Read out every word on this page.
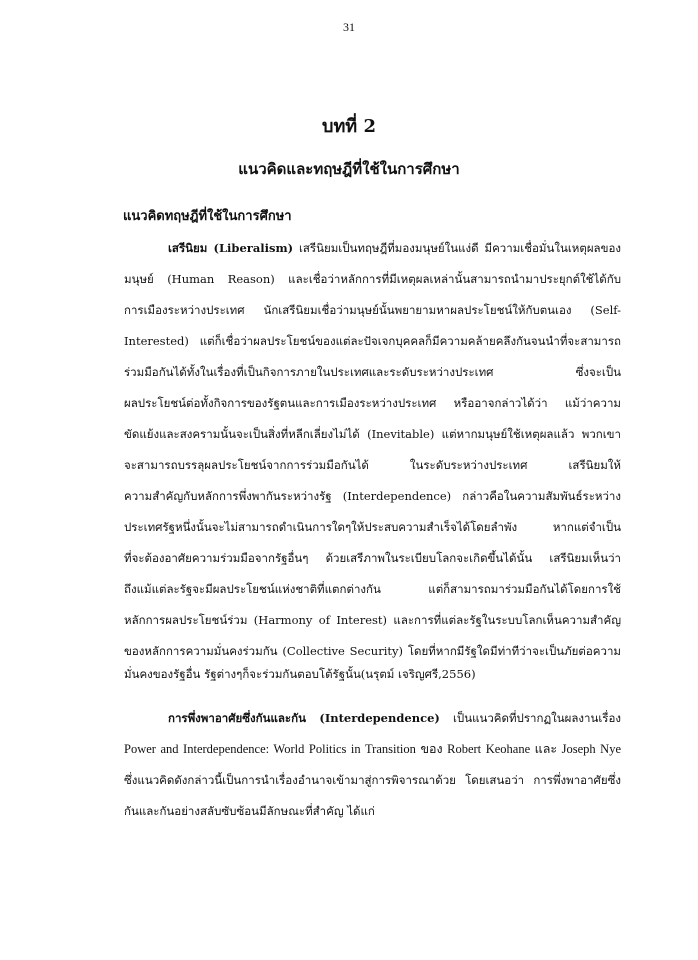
31
บทที่ 2
แนวคิดและทฤษฎีที่ใช้ในการศึกษา
แนวคิดทฤษฎีที่ใช้ในการศึกษา
เสรีนิยม (Liberalism) เสรีนิยมเป็นทฤษฎีที่มองมนุษย์ในแง่ดี มีความเชื่อมั่นในเหตุผลของ
มนุษย์ (Human Reason) และเชื่อว่าหลักการที่มีเหตุผลเหล่านั้นสามารถนำมาประยุกต์ใช้ได้กับ
การเมืองระหว่างประเทศ นักเสรีนิยมเชื่อว่ามนุษย์นั้นพยายามหาผลประโยชน์ให้กับตนเอง (Self-
Interested) แต่ก็เชื่อว่าผลประโยชน์ของแต่ละปัจเจกบุคคลก็มีความคล้ายคลึงกันจนนำที่จะสามารถ
ร่วมมือกันได้ทั้งในเรื่องที่เป็นกิจการภายในประเทศและระดับระหว่างประเทศ ซึ่งจะเป็น
ผลประโยชน์ต่อทั้งกิจการของรัฐตนและการเมืองระหว่างประเทศ หรืออาจกล่าวได้ว่า แม้ว่าความ
ขัดแย้งและสงครามนั้นจะเป็นสิ่งที่หลีกเลี่ยงไม่ได้ (Inevitable) แต่หากมนุษย์ใช้เหตุผลแล้ว พวกเขา
จะสามารถบรรลุผลประโยชน์จากการร่วมมือกันได้ ในระดับระหว่างประเทศ เสรีนิยมให้
ความสำคัญกับหลักการพึ่งพากันระหว่างรัฐ (Interdependence) กล่าวคือในความสัมพันธ์ระหว่าง
ประเทศรัฐหนึ่งนั้นจะไม่สามารถดำเนินการใดๆให้ประสบความสำเร็จได้โดยลำพัง หากแต่จำเป็น
ที่จะต้องอาศัยความร่วมมือจากรัฐอื่นๆ ด้วยเสรีภาพในระเบียบโลกจะเกิดขึ้นได้นั้น เสรีนิยมเห็นว่า
ถึงแม้แต่ละรัฐจะมีผลประโยชน์แห่งชาติที่แตกต่างกัน แต่ก็สามารถมาร่วมมือกันได้โดยการใช้
หลักการผลประโยชน์ร่วม (Harmony of Interest) และการที่แต่ละรัฐในระบบโลกเห็นความสำคัญ
ของหลักการความมั่นคงร่วมกัน (Collective Security) โดยที่หากมีรัฐใดมีท่าทีว่าจะเป็นภัยต่อความ
มั่นคงของรัฐอื่น รัฐต่างๆก็จะร่วมกันตอบโต้รัฐนั้น(นรุตม์ เจริญศรี,2556)
การพึ่งพาอาศัยซึ่งกันและกัน (Interdependence) เป็นแนวคิดที่ปรากฏในผลงานเรื่อง
Power and Interdependence: World Politics in Transition ของ Robert Keohane และ Joseph Nye
ซึ่งแนวคิดดังกล่าวนี้เป็นการนำเรื่องอำนาจเข้ามาสู่การพิจารณาด้วย โดยเสนอว่า การพึ่งพาอาศัยซึ่ง
กันและกันอย่างสลับซับซ้อนมีลักษณะที่สำคัญ ได้แก่
